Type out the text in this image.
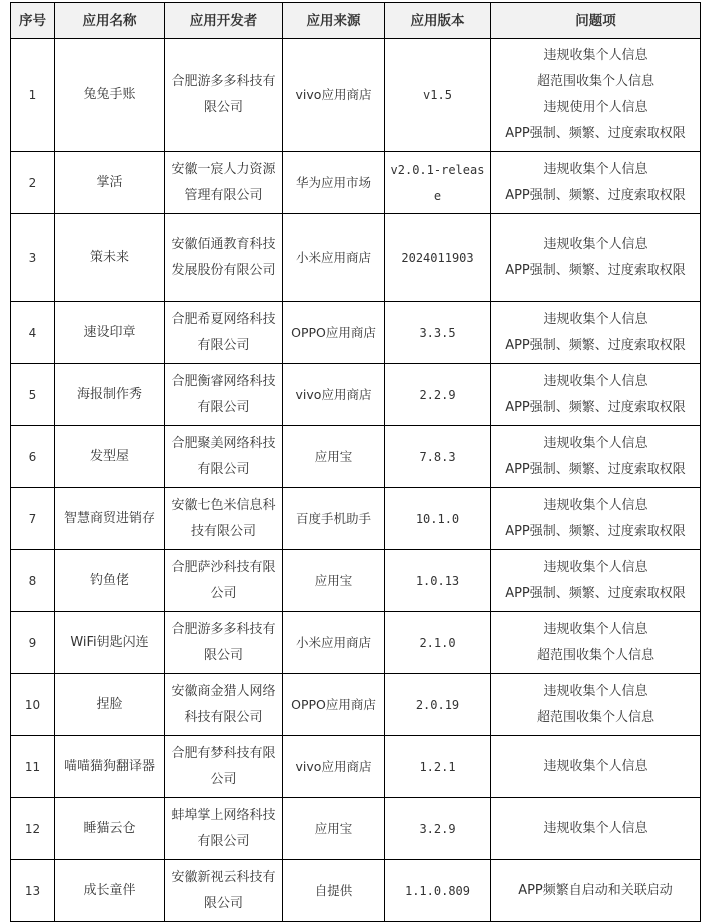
序号	应用名称	应用开发者	应用来源	应用版本	问题项
1	兔兔手账	合肥游多多科技有限公司	vivo应用商店	v1.5	违规收集个人信息
超范围收集个人信息
违规使用个人信息
APP强制、频繁、过度索取权限

2	掌活	安徽一宸人力资源管理有限公司	华为应用市场	v2.0.1-release	违规收集个人信息
APP强制、频繁、过度索取权限

3	策未来	安徽佰通教育科技发展股份有限公司	小米应用商店	2024011903	违规收集个人信息
APP强制、频繁、过度索取权限

4	速设印章	合肥希夏网络科技有限公司	OPPO应用商店	3.3.5	违规收集个人信息
APP强制、频繁、过度索取权限

5	海报制作秀	合肥衡睿网络科技有限公司	vivo应用商店	2.2.9	违规收集个人信息
APP强制、频繁、过度索取权限

6	发型屋	合肥聚美网络科技有限公司	应用宝	7.8.3	违规收集个人信息
APP强制、频繁、过度索取权限

7	智慧商贸进销存	安徽七色米信息科技有限公司	百度手机助手	10.1.0	违规收集个人信息
APP强制、频繁、过度索取权限

8	钓鱼佬	合肥萨沙科技有限公司	应用宝	1.0.13	违规收集个人信息
APP强制、频繁、过度索取权限

9	WiFi钥匙闪连	合肥游多多科技有限公司	小米应用商店	2.1.0	违规收集个人信息
超范围收集个人信息

10	捏脸	安徽商金猎人网络科技有限公司	OPPO应用商店	2.0.19	违规收集个人信息
超范围收集个人信息

11	喵喵猫狗翻译器	合肥有梦科技有限公司	vivo应用商店	1.2.1	违规收集个人信息

12	睡猫云仓	蚌埠掌上网络科技有限公司	应用宝	3.2.9	违规收集个人信息

13	成长童伴	安徽新视云科技有限公司	自提供	1.1.0.809	APP频繁自启动和关联启动
